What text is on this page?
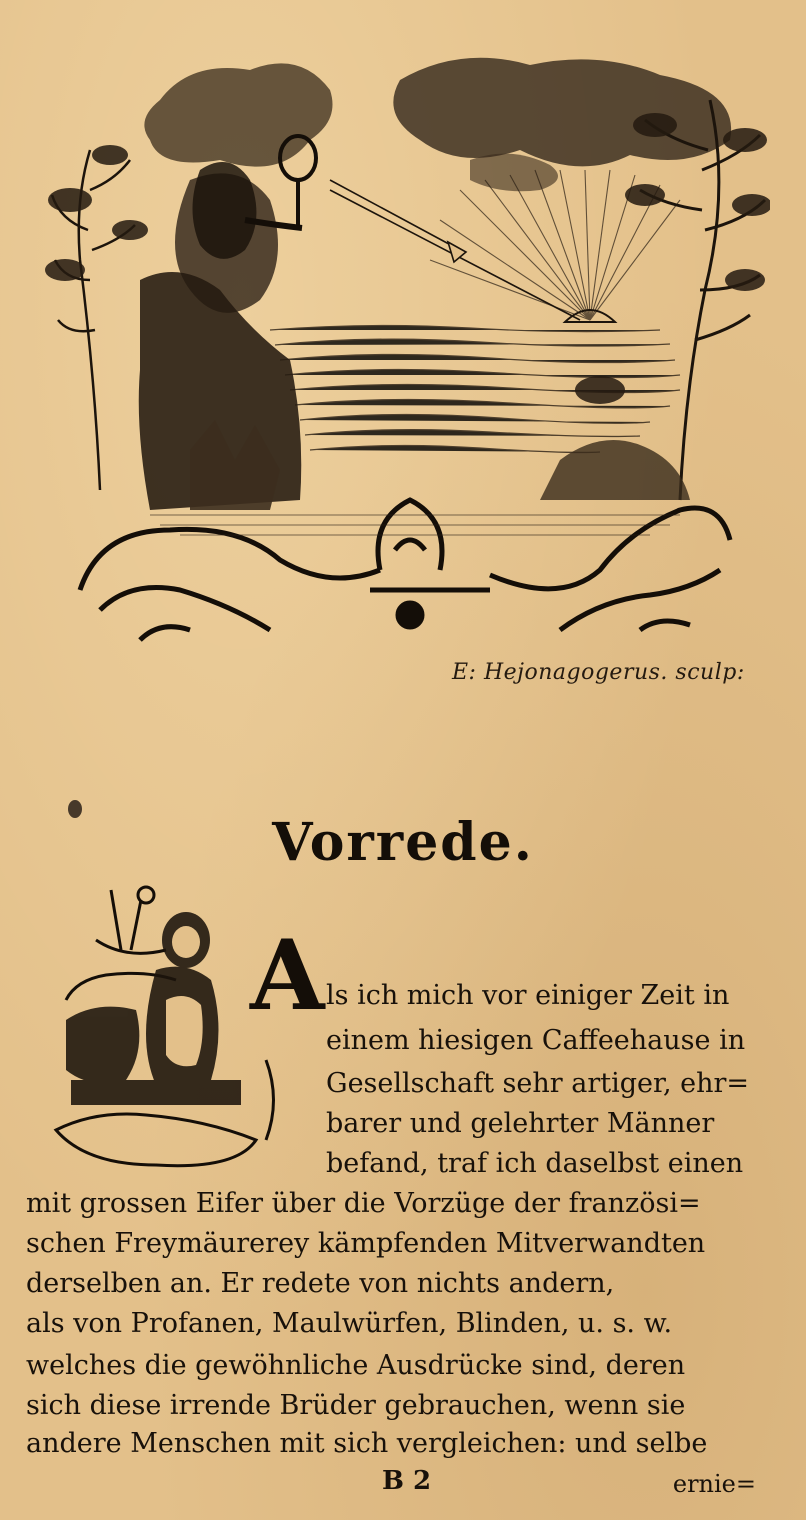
E: Hejonagogerus. sculp:
Vorrede.
A ls ich mich vor einiger Zeit in
einem hiesigen Caffeehause in
Gesellschaft sehr artiger, ehr=
barer und gelehrter Männer
befand, traf ich daselbst einen
mit grossen Eifer über die Vorzüge der französi=
schen Freymäurerey kämpfenden Mitverwandten
derselben an. Er redete von nichts andern,
als von Profanen, Maulwürfen, Blinden, u. s. w.
welches die gewöhnliche Ausdrücke sind, deren
sich diese irrende Brüder gebrauchen, wenn sie
andere Menschen mit sich vergleichen: und selbe
B 2	ernie=
